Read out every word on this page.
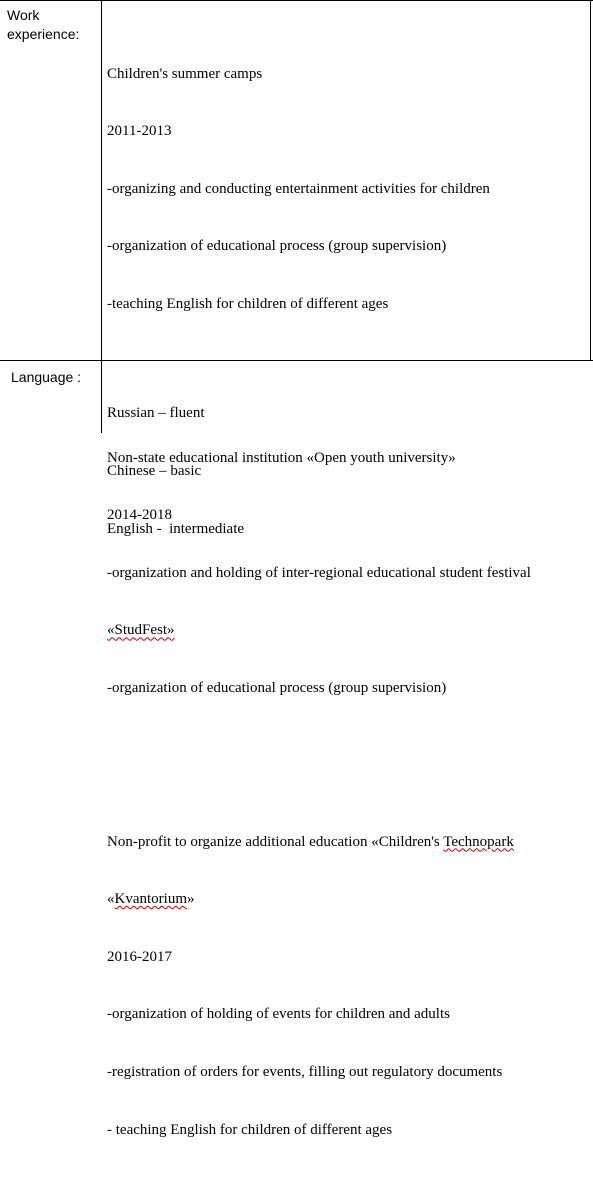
Work
experience:

Children's summer camps

2011-2013

-organizing and conducting entertainment activities for children

-organization of educational process (group supervision)

-teaching English for children of different ages

Non-state educational institution «Open youth university»

2014-2018

-organization and holding of inter-regional educational student festival

«StudFest»

-organization of educational process (group supervision)

Non-profit to organize additional education «Children's Technopark

«Kvantorium»

2016-2017

-organization of holding of events for children and adults

-registration of orders for events, filling out regulatory documents

- teaching English for children of different ages

Language :

Russian – fluent

Chinese – basic

English -  intermediate
